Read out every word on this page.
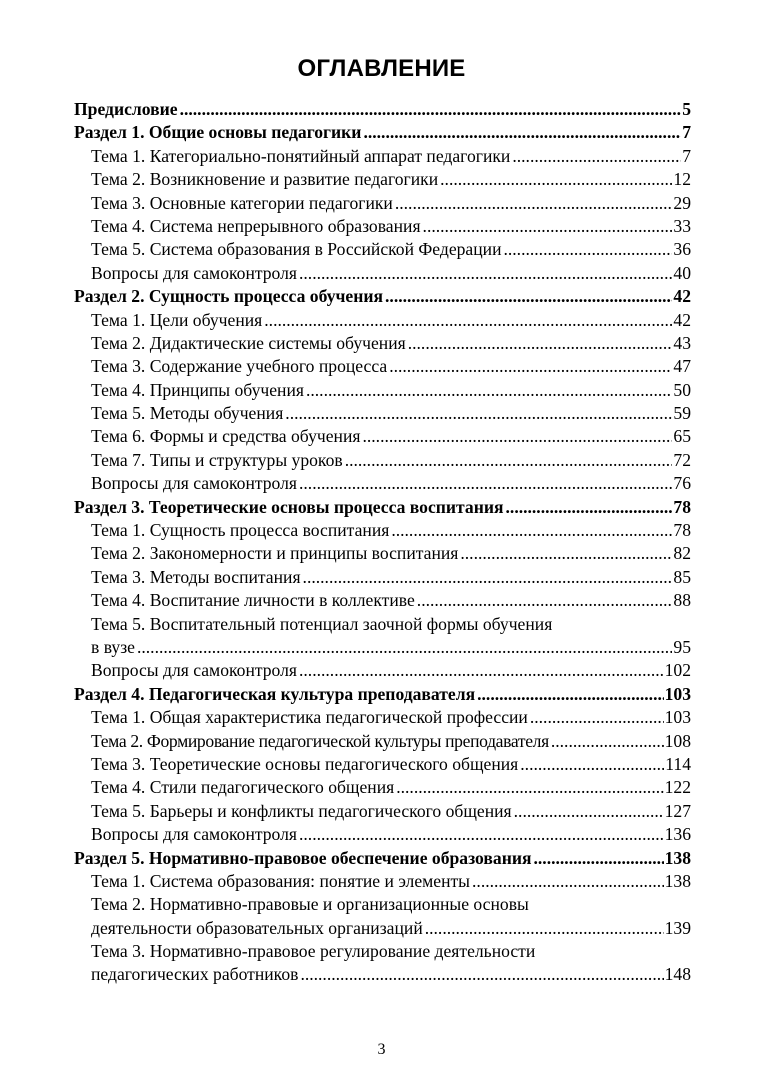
ОГЛАВЛЕНИЕ
Предисловие .....	5
Раздел 1. Общие основы педагогики .....	7
Тема 1. Категориально-понятийный аппарат педагогики .....	7
Тема 2. Возникновение и развитие педагогики .....	12
Тема 3. Основные категории педагогики .....	29
Тема 4. Система непрерывного образования .....	33
Тема 5. Система образования в Российской Федерации .....	36
Вопросы для самоконтроля .....	40
Раздел 2. Сущность процесса обучения .....	42
Тема 1. Цели обучения .....	42
Тема 2. Дидактические системы обучения .....	43
Тема 3. Содержание учебного процесса .....	47
Тема 4. Принципы обучения .....	50
Тема 5. Методы обучения .....	59
Тема 6. Формы и средства обучения .....	65
Тема 7. Типы и структуры уроков .....	72
Вопросы для самоконтроля .....	76
Раздел 3. Теоретические основы процесса воспитания .....	78
Тема 1. Сущность процесса воспитания .....	78
Тема 2. Закономерности и принципы воспитания .....	82
Тема 3. Методы воспитания .....	85
Тема 4. Воспитание личности в коллективе .....	88
Тема 5. Воспитательный потенциал заочной формы обучения
в вузе .....	95
Вопросы для самоконтроля .....	102
Раздел 4. Педагогическая культура преподавателя .....	103
Тема 1. Общая характеристика педагогической профессии .....	103
Тема 2. Формирование педагогической культуры преподавателя .....	108
Тема 3. Теоретические основы педагогического общения .....	114
Тема 4. Стили педагогического общения .....	122
Тема 5. Барьеры и конфликты педагогического общения .....	127
Вопросы для самоконтроля .....	136
Раздел 5. Нормативно-правовое обеспечение образования .....	138
Тема 1. Система образования: понятие и элементы .....	138
Тема 2. Нормативно-правовые и организационные основы
деятельности образовательных организаций .....	139
Тема 3. Нормативно-правовое регулирование деятельности
педагогических работников .....	148
3
